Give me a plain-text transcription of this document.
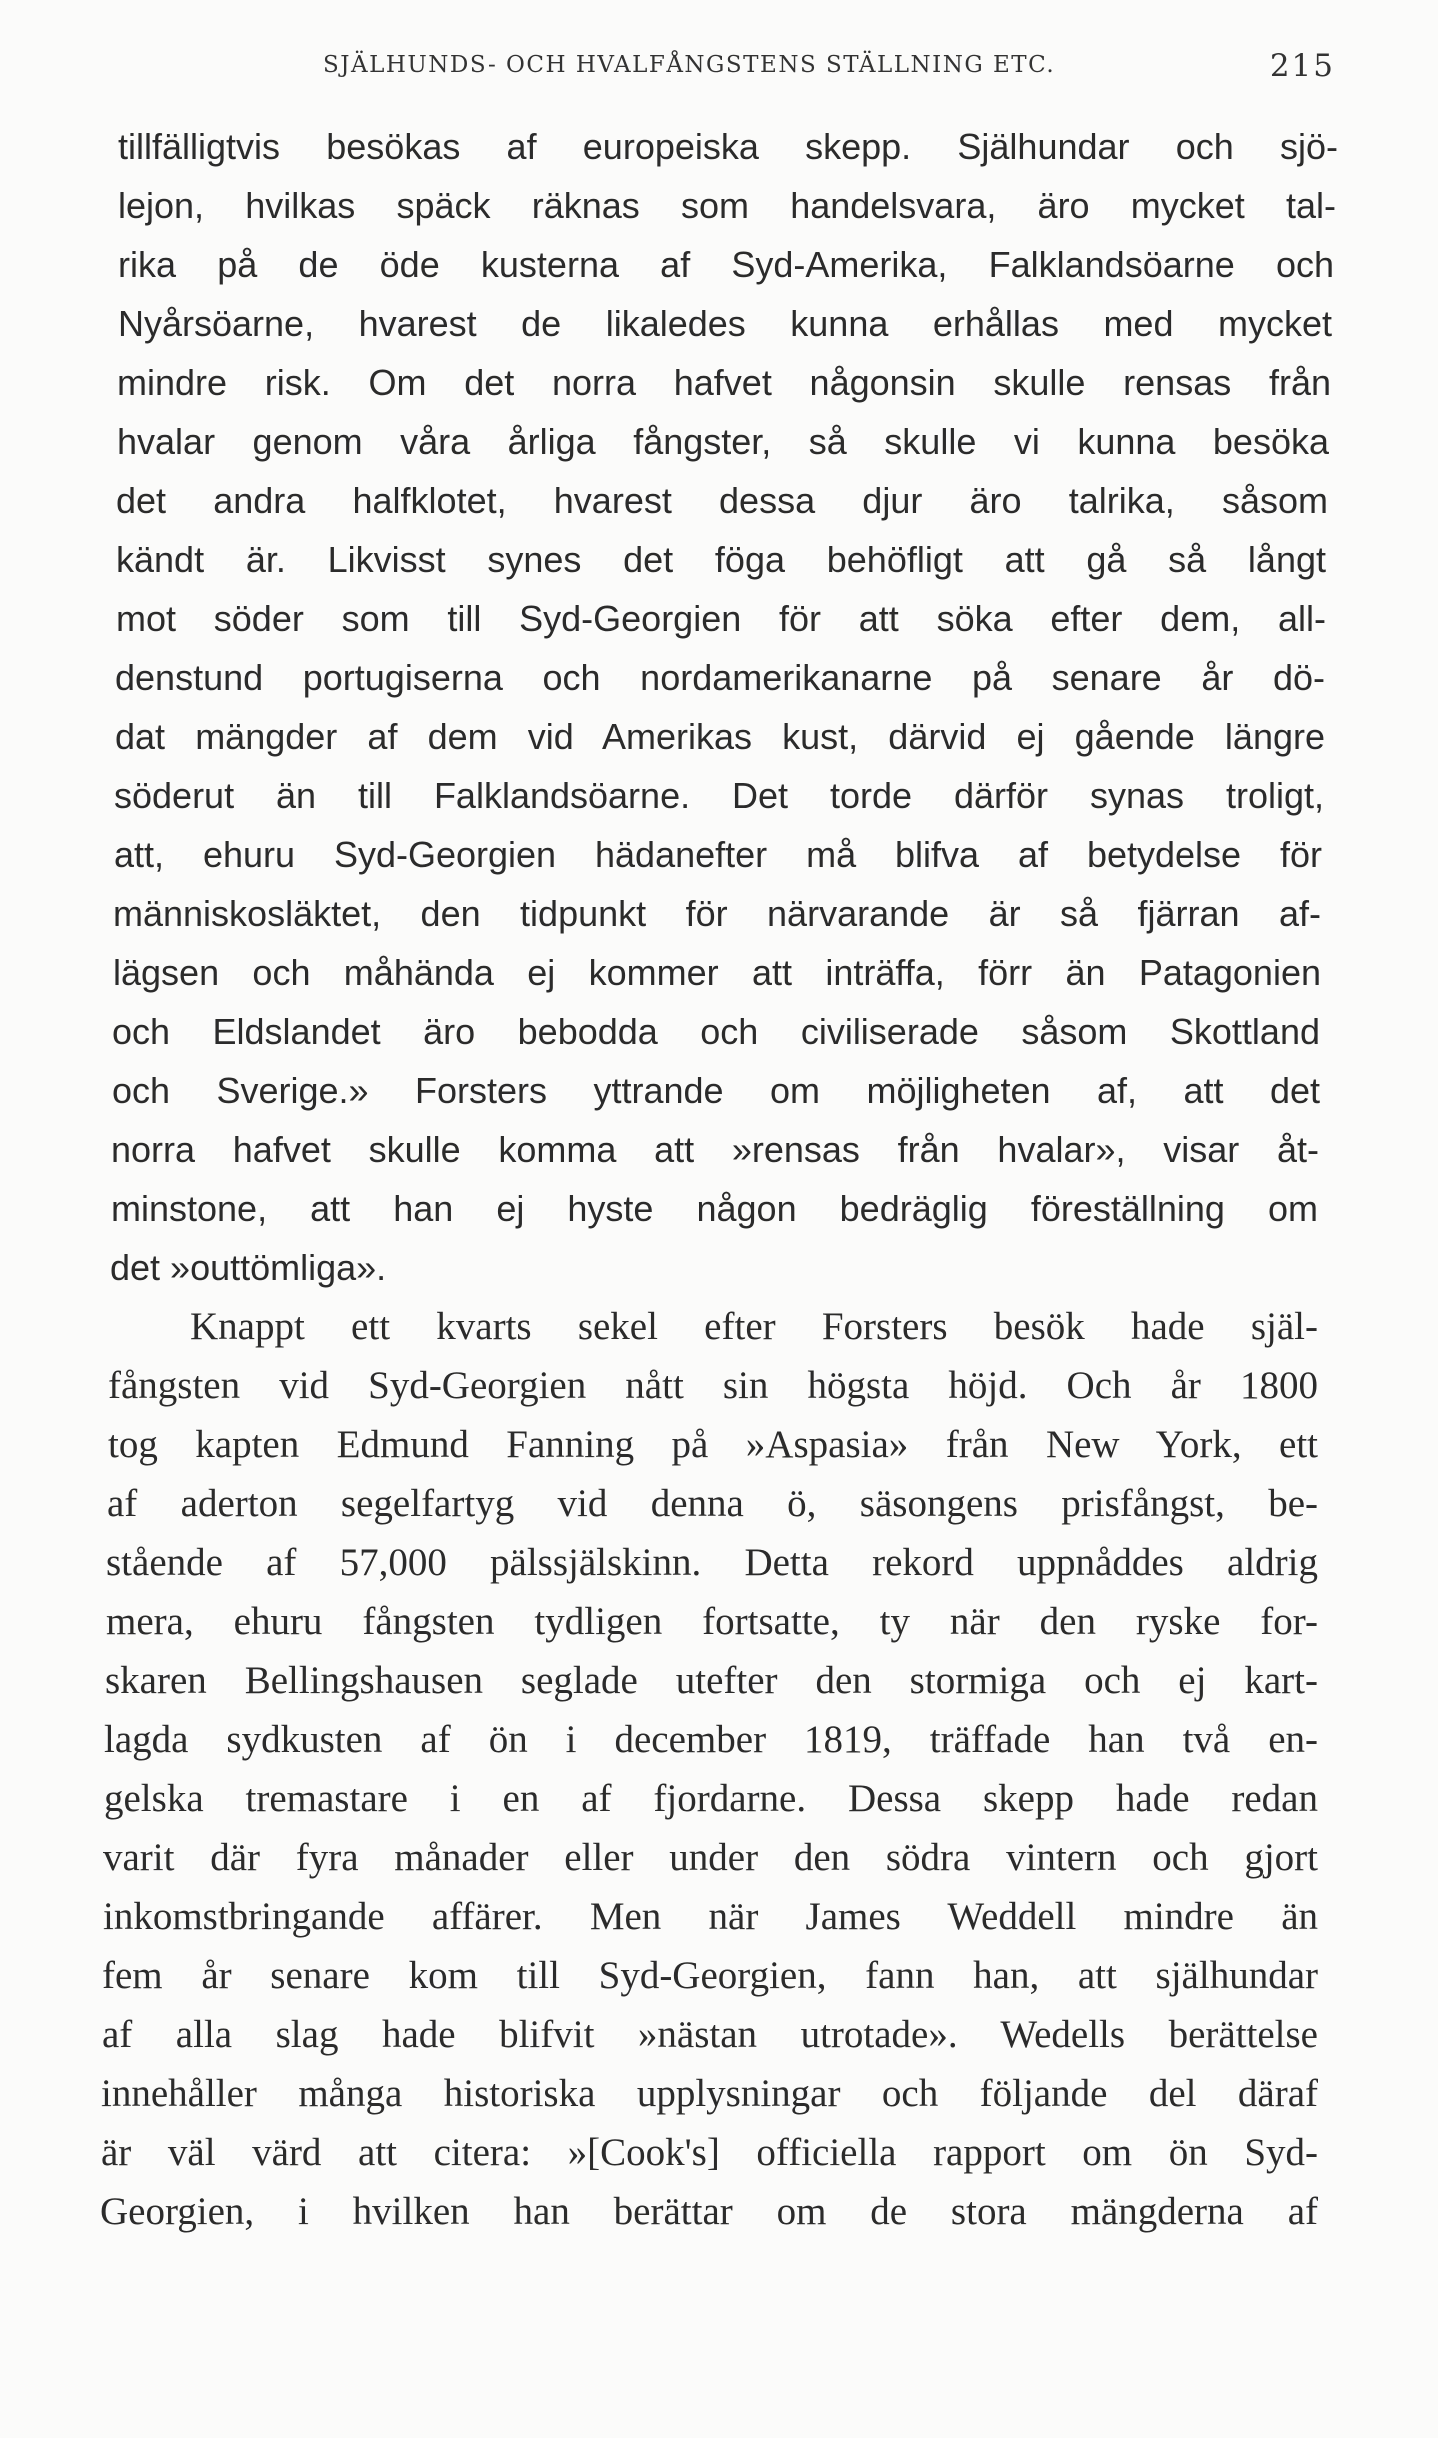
SJÄLHUNDS- OCH HVALFÅNGSTENS STÄLLNING ETC.	215
tillfälligtvis besökas af europeiska skepp. Själhundar och sjö-
lejon, hvilkas späck räknas som handelsvara, äro mycket tal-
rika på de öde kusterna af Syd-Amerika, Falklandsöarne och
Nyårsöarne, hvarest de likaledes kunna erhållas med mycket
mindre risk. Om det norra hafvet någonsin skulle rensas från
hvalar genom våra årliga fångster, så skulle vi kunna besöka
det andra halfklotet, hvarest dessa djur äro talrika, såsom
kändt är. Likvisst synes det föga behöfligt att gå så långt
mot söder som till Syd-Georgien för att söka efter dem, all-
denstund portugiserna och nordamerikanarne på senare år dö-
dat mängder af dem vid Amerikas kust, därvid ej gående längre
söderut än till Falklandsöarne. Det torde därför synas troligt,
att, ehuru Syd-Georgien hädanefter må blifva af betydelse för
människosläktet, den tidpunkt för närvarande är så fjärran af-
lägsen och måhända ej kommer att inträffa, förr än Patagonien
och Eldslandet äro bebodda och civiliserade såsom Skottland
och Sverige.» Forsters yttrande om möjligheten af, att det
norra hafvet skulle komma att »rensas från hvalar», visar åt-
minstone, att han ej hyste någon bedräglig föreställning om
det »outtömliga».
Knappt ett kvarts sekel efter Forsters besök hade själ-
fångsten vid Syd-Georgien nått sin högsta höjd. Och år 1800
tog kapten Edmund Fanning på »Aspasia» från New York, ett
af aderton segelfartyg vid denna ö, säsongens prisfångst, be-
stående af 57,000 pälssjälskinn. Detta rekord uppnåddes aldrig
mera, ehuru fångsten tydligen fortsatte, ty när den ryske for-
skaren Bellingshausen seglade utefter den stormiga och ej kart-
lagda sydkusten af ön i december 1819, träffade han två en-
gelska tremastare i en af fjordarne. Dessa skepp hade redan
varit där fyra månader eller under den södra vintern och gjort
inkomstbringande affärer. Men när James Weddell mindre än
fem år senare kom till Syd-Georgien, fann han, att själhundar
af alla slag hade blifvit »nästan utrotade». Wedells berättelse
innehåller många historiska upplysningar och följande del däraf
är väl värd att citera: »[Cook's] officiella rapport om ön Syd-
Georgien, i hvilken han berättar om de stora mängderna af
